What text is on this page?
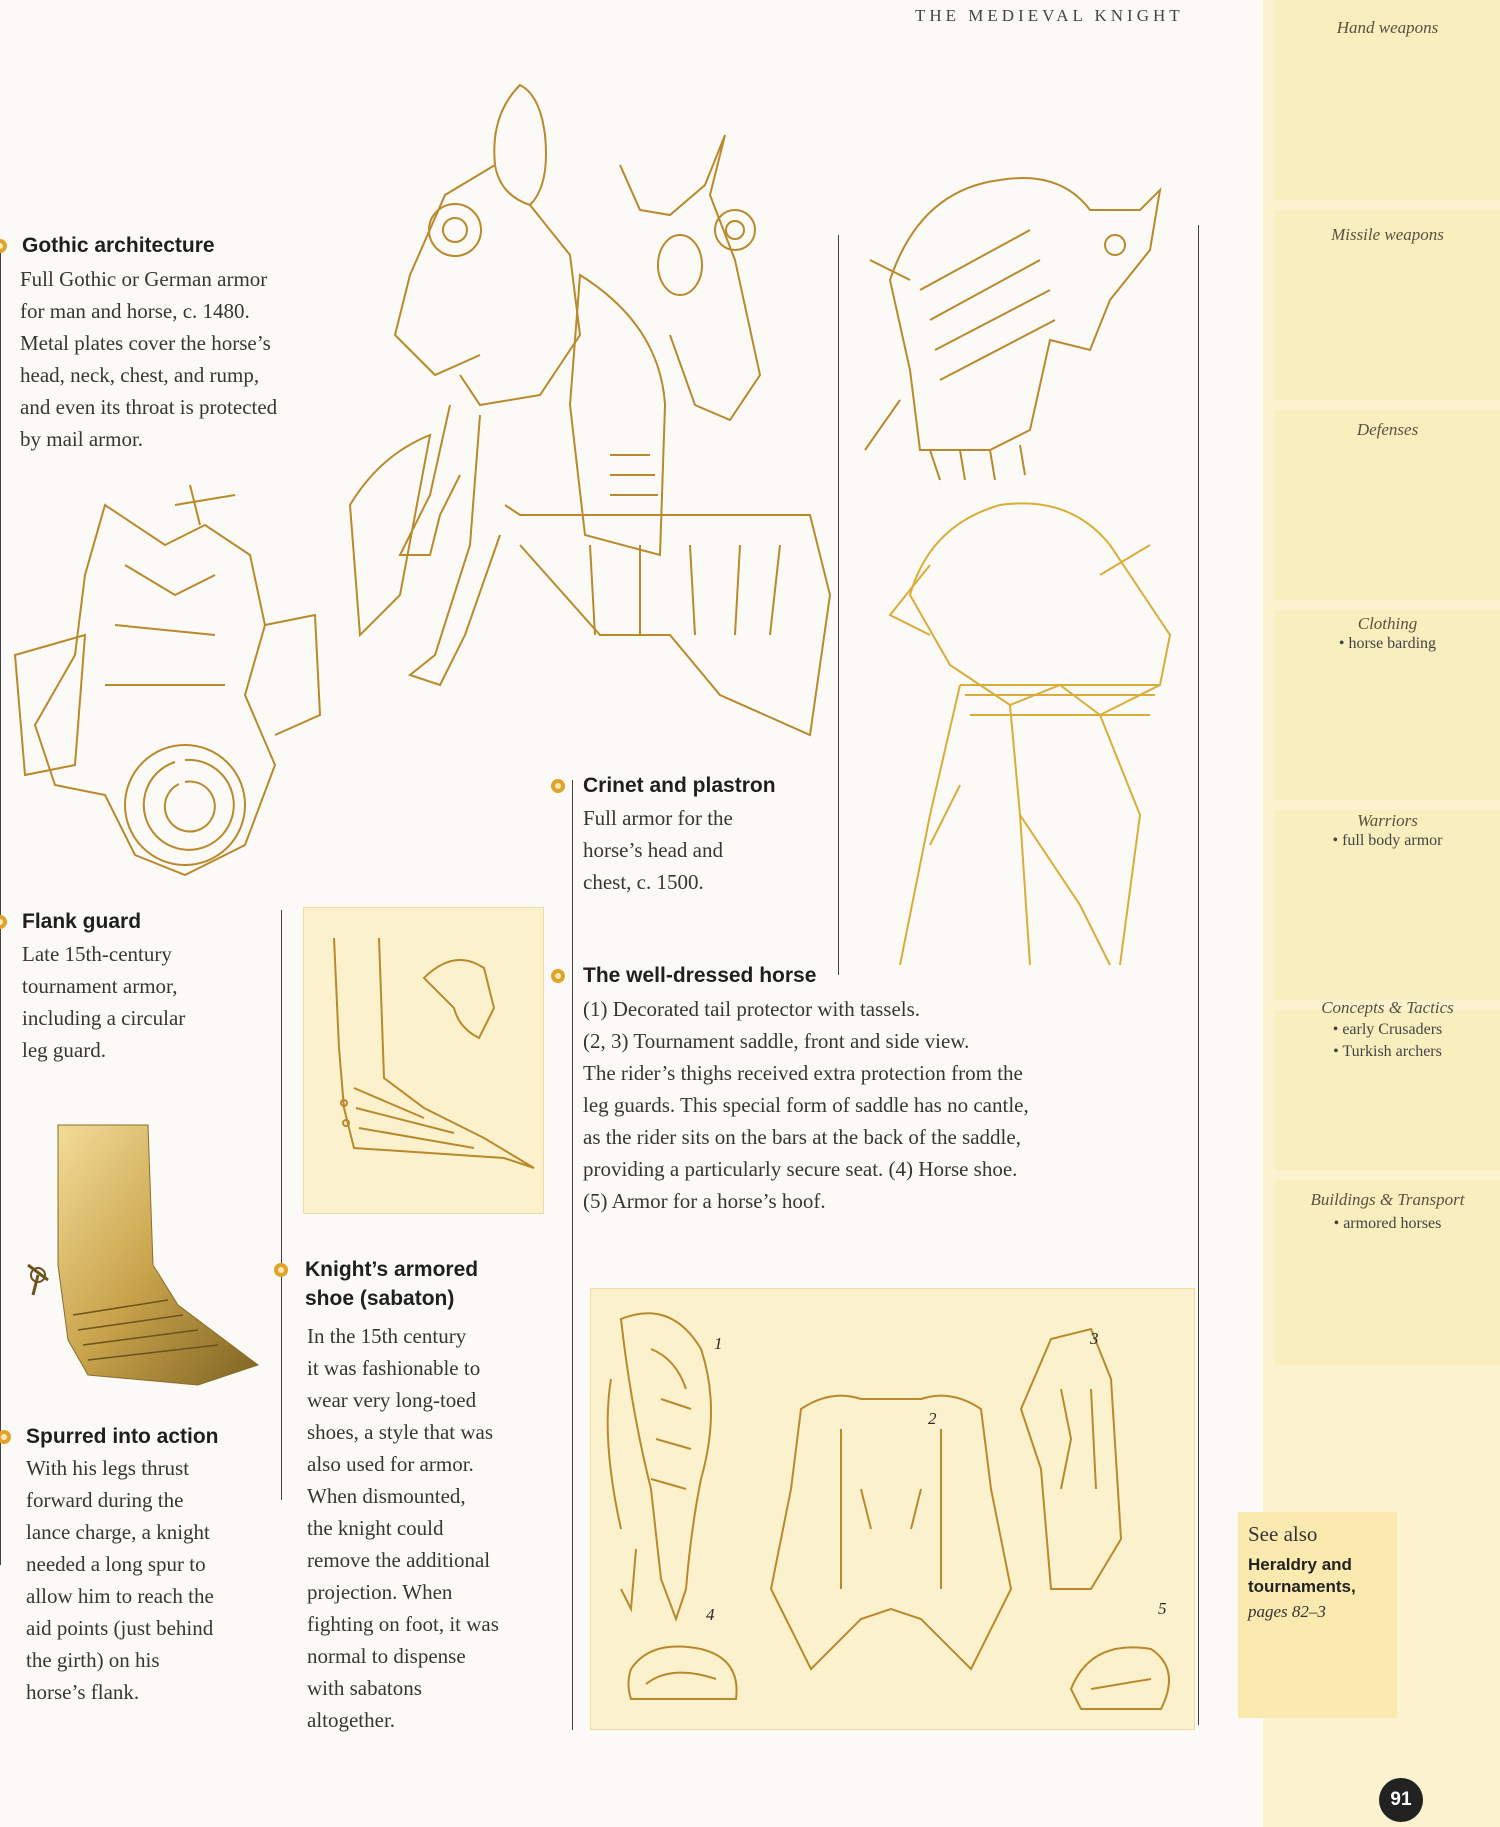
THE MEDIEVAL KNIGHT
Hand weapons
Missile weapons
Defenses
Clothing
• horse barding
Warriors
• full body armor
Concepts & Tactics
• early Crusaders
• Turkish archers
Buildings & Transport
• armored horses
Gothic architecture
Full Gothic or German armor
for man and horse, c. 1480.
Metal plates cover the horse’s
head, neck, chest, and rump,
and even its throat is protected
by mail armor.
Flank guard
Late 15th-century
tournament armor,
including a circular
leg guard.
Crinet and plastron
Full armor for the
horse’s head and
chest, c. 1500.
The well-dressed horse
(1) Decorated tail protector with tassels.
(2, 3) Tournament saddle, front and side view.
The rider’s thighs received extra protection from the
leg guards. This special form of saddle has no cantle,
as the rider sits on the bars at the back of the saddle,
providing a particularly secure seat. (4) Horse shoe.
(5) Armor for a horse’s hoof.
Knight’s armored
shoe (sabaton)
In the 15th century
it was fashionable to
wear very long-toed
shoes, a style that was
also used for armor.
When dismounted,
the knight could
remove the additional
projection. When
fighting on foot, it was
normal to dispense
with sabatons
altogether.
Spurred into action
With his legs thrust
forward during the
lance charge, a knight
needed a long spur to
allow him to reach the
aid points (just behind
the girth) on his
horse’s flank.
1
2
3
4	5
See also
Heraldry and tournaments,
pages 82–3
91
